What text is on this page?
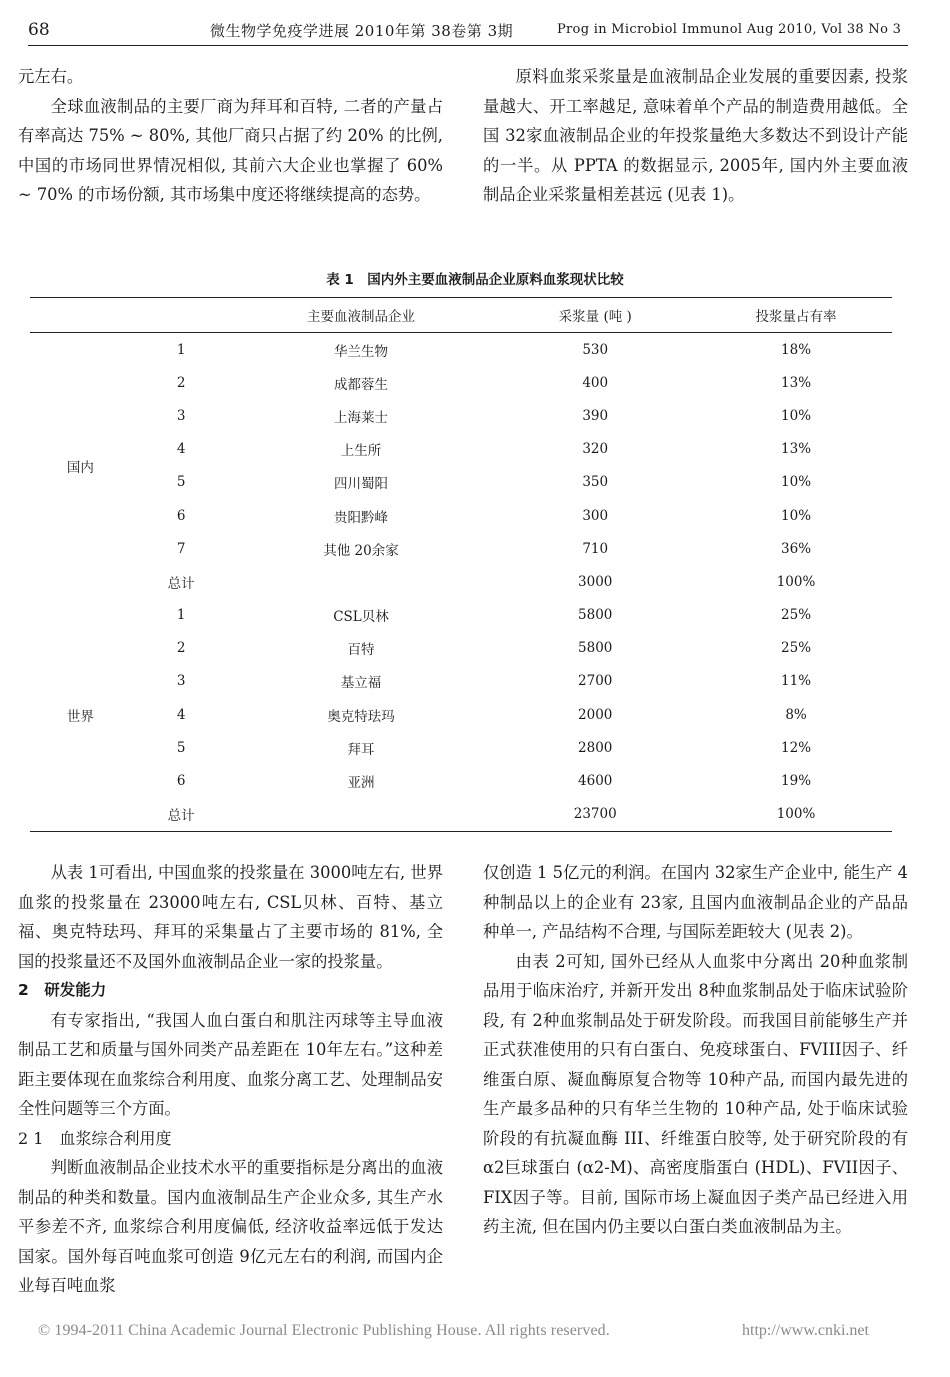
68	微生物学免疫学进展 2010年第 38卷第 3期	Prog in Microbiol Immunol Aug 2010, Vol 38 No 3

元左右。

全球血液制品的主要厂商为拜耳和百特, 二者的产量占有率高达 75% ~ 80%, 其他厂商只占据了约 20% 的比例, 中国的市场同世界情况相似, 其前六大企业也掌握了 60% ~ 70% 的市场份额, 其市场集中度还将继续提高的态势。

原料血浆采浆量是血液制品企业发展的重要因素, 投浆量越大、开工率越足, 意味着单个产品的制造费用越低。全国 32家血液制品企业的年投浆量绝大多数达不到设计产能的一半。从 PPTA 的数据显示, 2005年, 国内外主要血液制品企业采浆量相差甚远 (见表 1)。

表 1　国内外主要血液制品企业原料血浆现状比较
		主要血液制品企业	采浆量 (吨 )	投浆量占有率
国内	1	华兰生物	530	18%
	2	成都蓉生	400	13%
	3	上海莱士	390	10%
	4	上生所	320	13%
	5	四川蜀阳	350	10%
	6	贵阳黔峰	300	10%
	7	其他 20余家	710	36%
	总计		3000	100%
世界	1	CSL贝林	5800	25%
	2	百特	5800	25%
	3	基立福	2700	11%
	4	奥克特珐玛	2000	8%
	5	拜耳	2800	12%
	6	亚洲	4600	19%
	总计		23700	100%

从表 1可看出, 中国血浆的投浆量在 3000吨左右, 世界血浆的投浆量在 23000吨左右, CSL贝林、百特、基立福、奥克特珐玛、拜耳的采集量占了主要市场的 81%, 全国的投浆量还不及国外血液制品企业一家的投浆量。

2　研发能力

有专家指出, “我国人血白蛋白和肌注丙球等主导血液制品工艺和质量与国外同类产品差距在 10年左右。”这种差距主要体现在血浆综合利用度、血浆分离工艺、处理制品安全性问题等三个方面。

2 1　血浆综合利用度

判断血液制品企业技术水平的重要指标是分离出的血液制品的种类和数量。国内血液制品生产企业众多, 其生产水平参差不齐, 血浆综合利用度偏低, 经济收益率远低于发达国家。国外每百吨血浆可创造 9亿元左右的利润, 而国内企业每百吨血浆

仅创造 1 5亿元的利润。在国内 32家生产企业中, 能生产 4种制品以上的企业有 23家, 且国内血液制品企业的产品品种单一, 产品结构不合理, 与国际差距较大 (见表 2)。

由表 2可知, 国外已经从人血浆中分离出 20种血浆制品用于临床治疗, 并新开发出 8种血浆制品处于临床试验阶段, 有 2种血浆制品处于研发阶段。而我国目前能够生产并正式获准使用的只有白蛋白、免疫球蛋白、FVIII因子、纤维蛋白原、凝血酶原复合物等 10种产品, 而国内最先进的生产最多品种的只有华兰生物的 10种产品, 处于临床试验阶段的有抗凝血酶 III、纤维蛋白胶等, 处于研究阶段的有 α2巨球蛋白 (α2-M)、高密度脂蛋白 (HDL)、FVII因子、FIX因子等。目前, 国际市场上凝血因子类产品已经进入用药主流, 但在国内仍主要以白蛋白类血液制品为主。

© 1994-2011 China Academic Journal Electronic Publishing House. All rights reserved.	http://www.cnki.net
